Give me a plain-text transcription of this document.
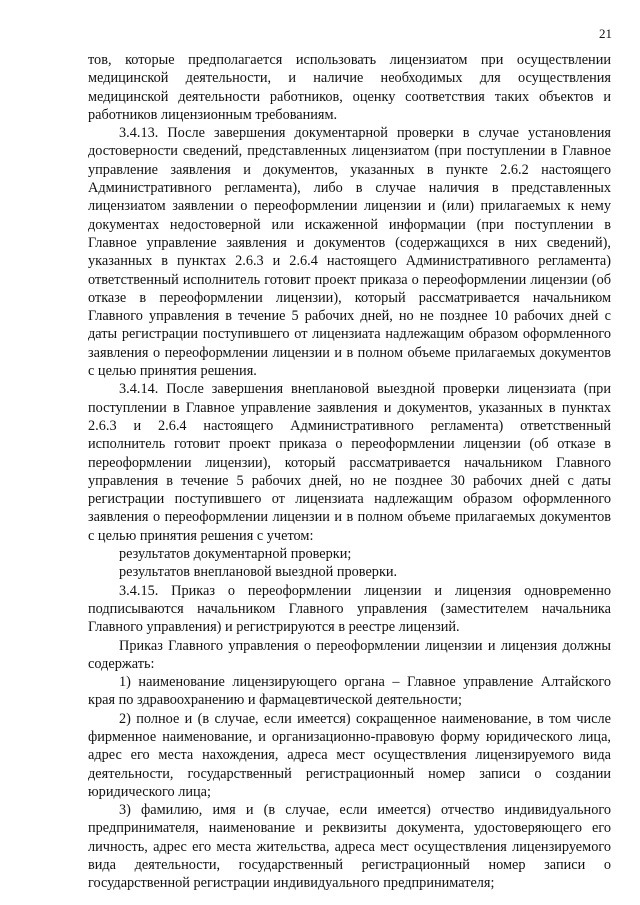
21

тов, которые предполагается использовать лицензиатом при осуществлении медицинской деятельности, и наличие необходимых для осуществления медицинской деятельности работников, оценку соответствия таких объектов и работников лицензионным требованиям.

3.4.13. После завершения документарной проверки в случае установления достоверности сведений, представленных лицензиатом (при поступлении в Главное управление заявления и документов, указанных в пункте 2.6.2 настоящего Административного регламента), либо в случае наличия в представленных лицензиатом заявлении о переоформлении лицензии и (или) прилагаемых к нему документах недостоверной или искаженной информации (при поступлении в Главное управление заявления и документов (содержащихся в них сведений), указанных в пунктах 2.6.3 и 2.6.4 настоящего Административного регламента) ответственный исполнитель готовит проект приказа о переоформлении лицензии (об отказе в переоформлении лицензии), который рассматривается начальником Главного управления в течение 5 рабочих дней, но не позднее 10 рабочих дней с даты регистрации поступившего от лицензиата надлежащим образом оформленного заявления о переоформлении лицензии и в полном объеме прилагаемых документов с целью принятия решения.

3.4.14. После завершения внеплановой выездной проверки лицензиата (при поступлении в Главное управление заявления и документов, указанных в пунктах 2.6.3 и 2.6.4 настоящего Административного регламента) ответственный исполнитель готовит проект приказа о переоформлении лицензии (об отказе в переоформлении лицензии), который рассматривается начальником Главного управления в течение 5 рабочих дней, но не позднее 30 рабочих дней с даты регистрации поступившего от лицензиата надлежащим образом оформленного заявления о переоформлении лицензии и в полном объеме прилагаемых документов с целью принятия решения с учетом:

результатов документарной проверки;

результатов внеплановой выездной проверки.

3.4.15. Приказ о переоформлении лицензии и лицензия одновременно подписываются начальником Главного управления (заместителем начальника Главного управления) и регистрируются в реестре лицензий.

Приказ Главного управления о переоформлении лицензии и лицензия должны содержать:

1) наименование лицензирующего органа – Главное управление Алтайского края по здравоохранению и фармацевтической деятельности;

2) полное и (в случае, если имеется) сокращенное наименование, в том числе фирменное наименование, и организационно-правовую форму юридического лица, адрес его места нахождения, адреса мест осуществления лицензируемого вида деятельности, государственный регистрационный номер записи о создании юридического лица;

3) фамилию, имя и (в случае, если имеется) отчество индивидуального предпринимателя, наименование и реквизиты документа, удостоверяющего его личность, адрес его места жительства, адреса мест осуществления лицензируемого вида деятельности, государственный регистрационный номер записи о государственной регистрации индивидуального предпринимателя;
